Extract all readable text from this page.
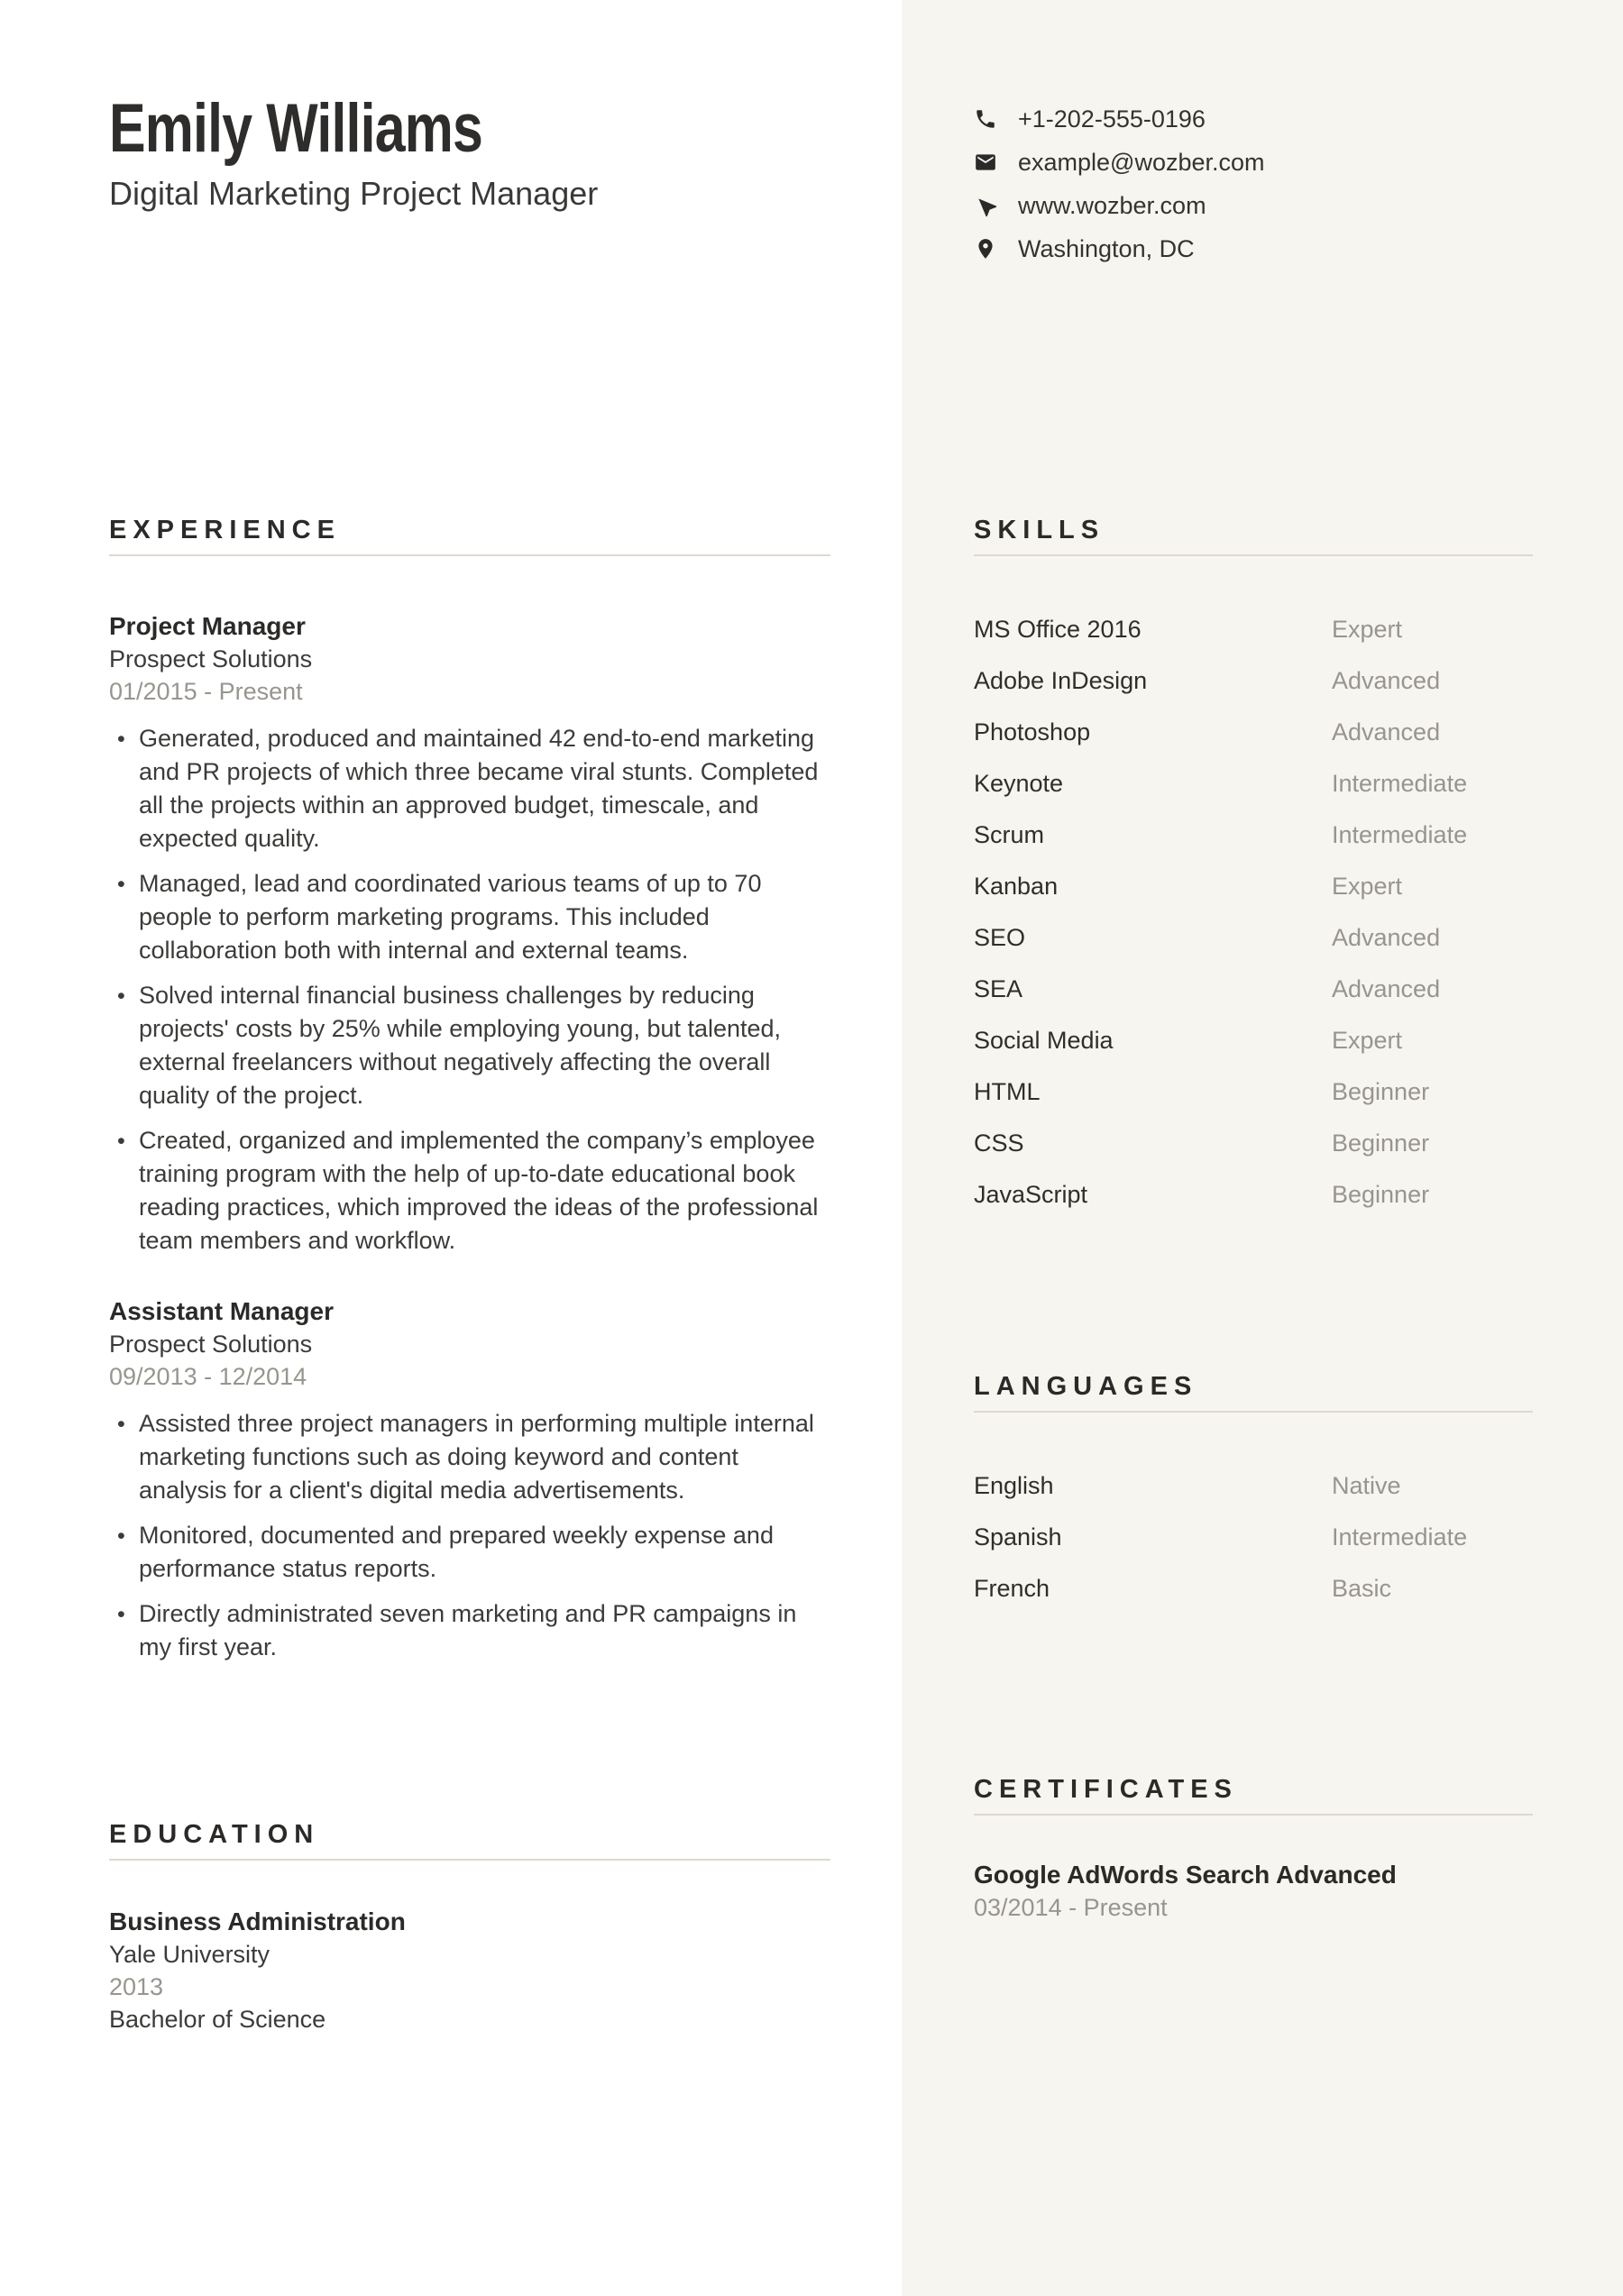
Emily Williams
Digital Marketing Project Manager
EXPERIENCE
Project Manager
Prospect Solutions
01/2015 - Present
• Generated, produced and maintained 42 end-to-end marketing and PR projects of which three became viral stunts. Completed all the projects within an approved budget, timescale, and expected quality.
• Managed, lead and coordinated various teams of up to 70 people to perform marketing programs. This included collaboration both with internal and external teams.
• Solved internal financial business challenges by reducing projects' costs by 25% while employing young, but talented, external freelancers without negatively affecting the overall quality of the project.
• Created, organized and implemented the company’s employee training program with the help of up-to-date educational book reading practices, which improved the ideas of the professional team members and workflow.
Assistant Manager
Prospect Solutions
09/2013 - 12/2014
• Assisted three project managers in performing multiple internal marketing functions such as doing keyword and content analysis for a client's digital media advertisements.
• Monitored, documented and prepared weekly expense and performance status reports.
• Directly administrated seven marketing and PR campaigns in my first year.
EDUCATION
Business Administration
Yale University
2013
Bachelor of Science
+1-202-555-0196
example@wozber.com
www.wozber.com
Washington, DC
SKILLS
MS Office 2016	Expert
Adobe InDesign	Advanced
Photoshop	Advanced
Keynote	Intermediate
Scrum	Intermediate
Kanban	Expert
SEO	Advanced
SEA	Advanced
Social Media	Expert
HTML	Beginner
CSS	Beginner
JavaScript	Beginner
LANGUAGES
English	Native
Spanish	Intermediate
French	Basic
CERTIFICATES
Google AdWords Search Advanced
03/2014 - Present
